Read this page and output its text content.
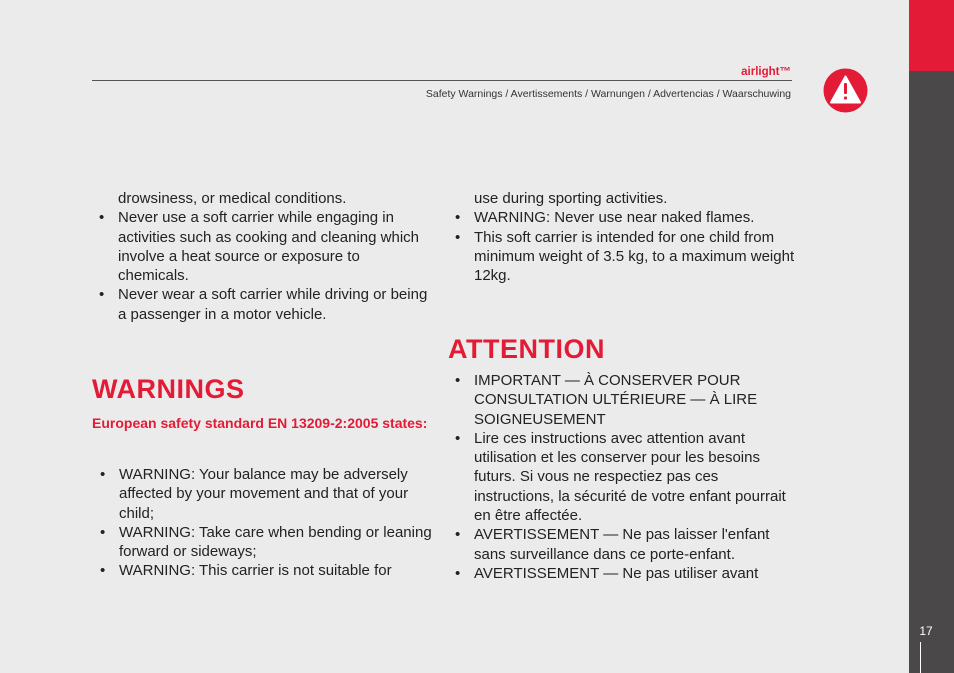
17
airlight™
Safety Warnings / Avertissements / Warnungen / Advertencias / Waarschuwing

drowsiness, or medical conditions.

• Never use a soft carrier while engaging in activities such as cooking and cleaning which involve a heat source or exposure to chemicals.
• Never wear a soft carrier while driving or being a passenger in a motor vehicle.
WARNINGS
European safety standard EN 13209-2:2005 states:
• WARNING: Your balance may be adversely affected by your movement and that of your child;
• WARNING: Take care when bending or leaning forward or sideways;
• WARNING: This carrier is not suitable for

use during sporting activities.

• WARNING: Never use near naked flames.
• This soft carrier is intended for one child from minimum weight of 3.5 kg, to a maximum weight 12kg.
ATTENTION
• IMPORTANT — À CONSERVER POUR CONSULTATION ULTÉRIEURE — À LIRE SOIGNEUSEMENT
• Lire ces instructions avec attention avant utilisation et les conserver pour les besoins futurs. Si vous ne respectiez pas ces instructions, la sécurité de votre enfant pourrait en être affectée.
• AVERTISSEMENT — Ne pas laisser l'enfant sans surveillance dans ce porte-enfant.
• AVERTISSEMENT — Ne pas utiliser avant
